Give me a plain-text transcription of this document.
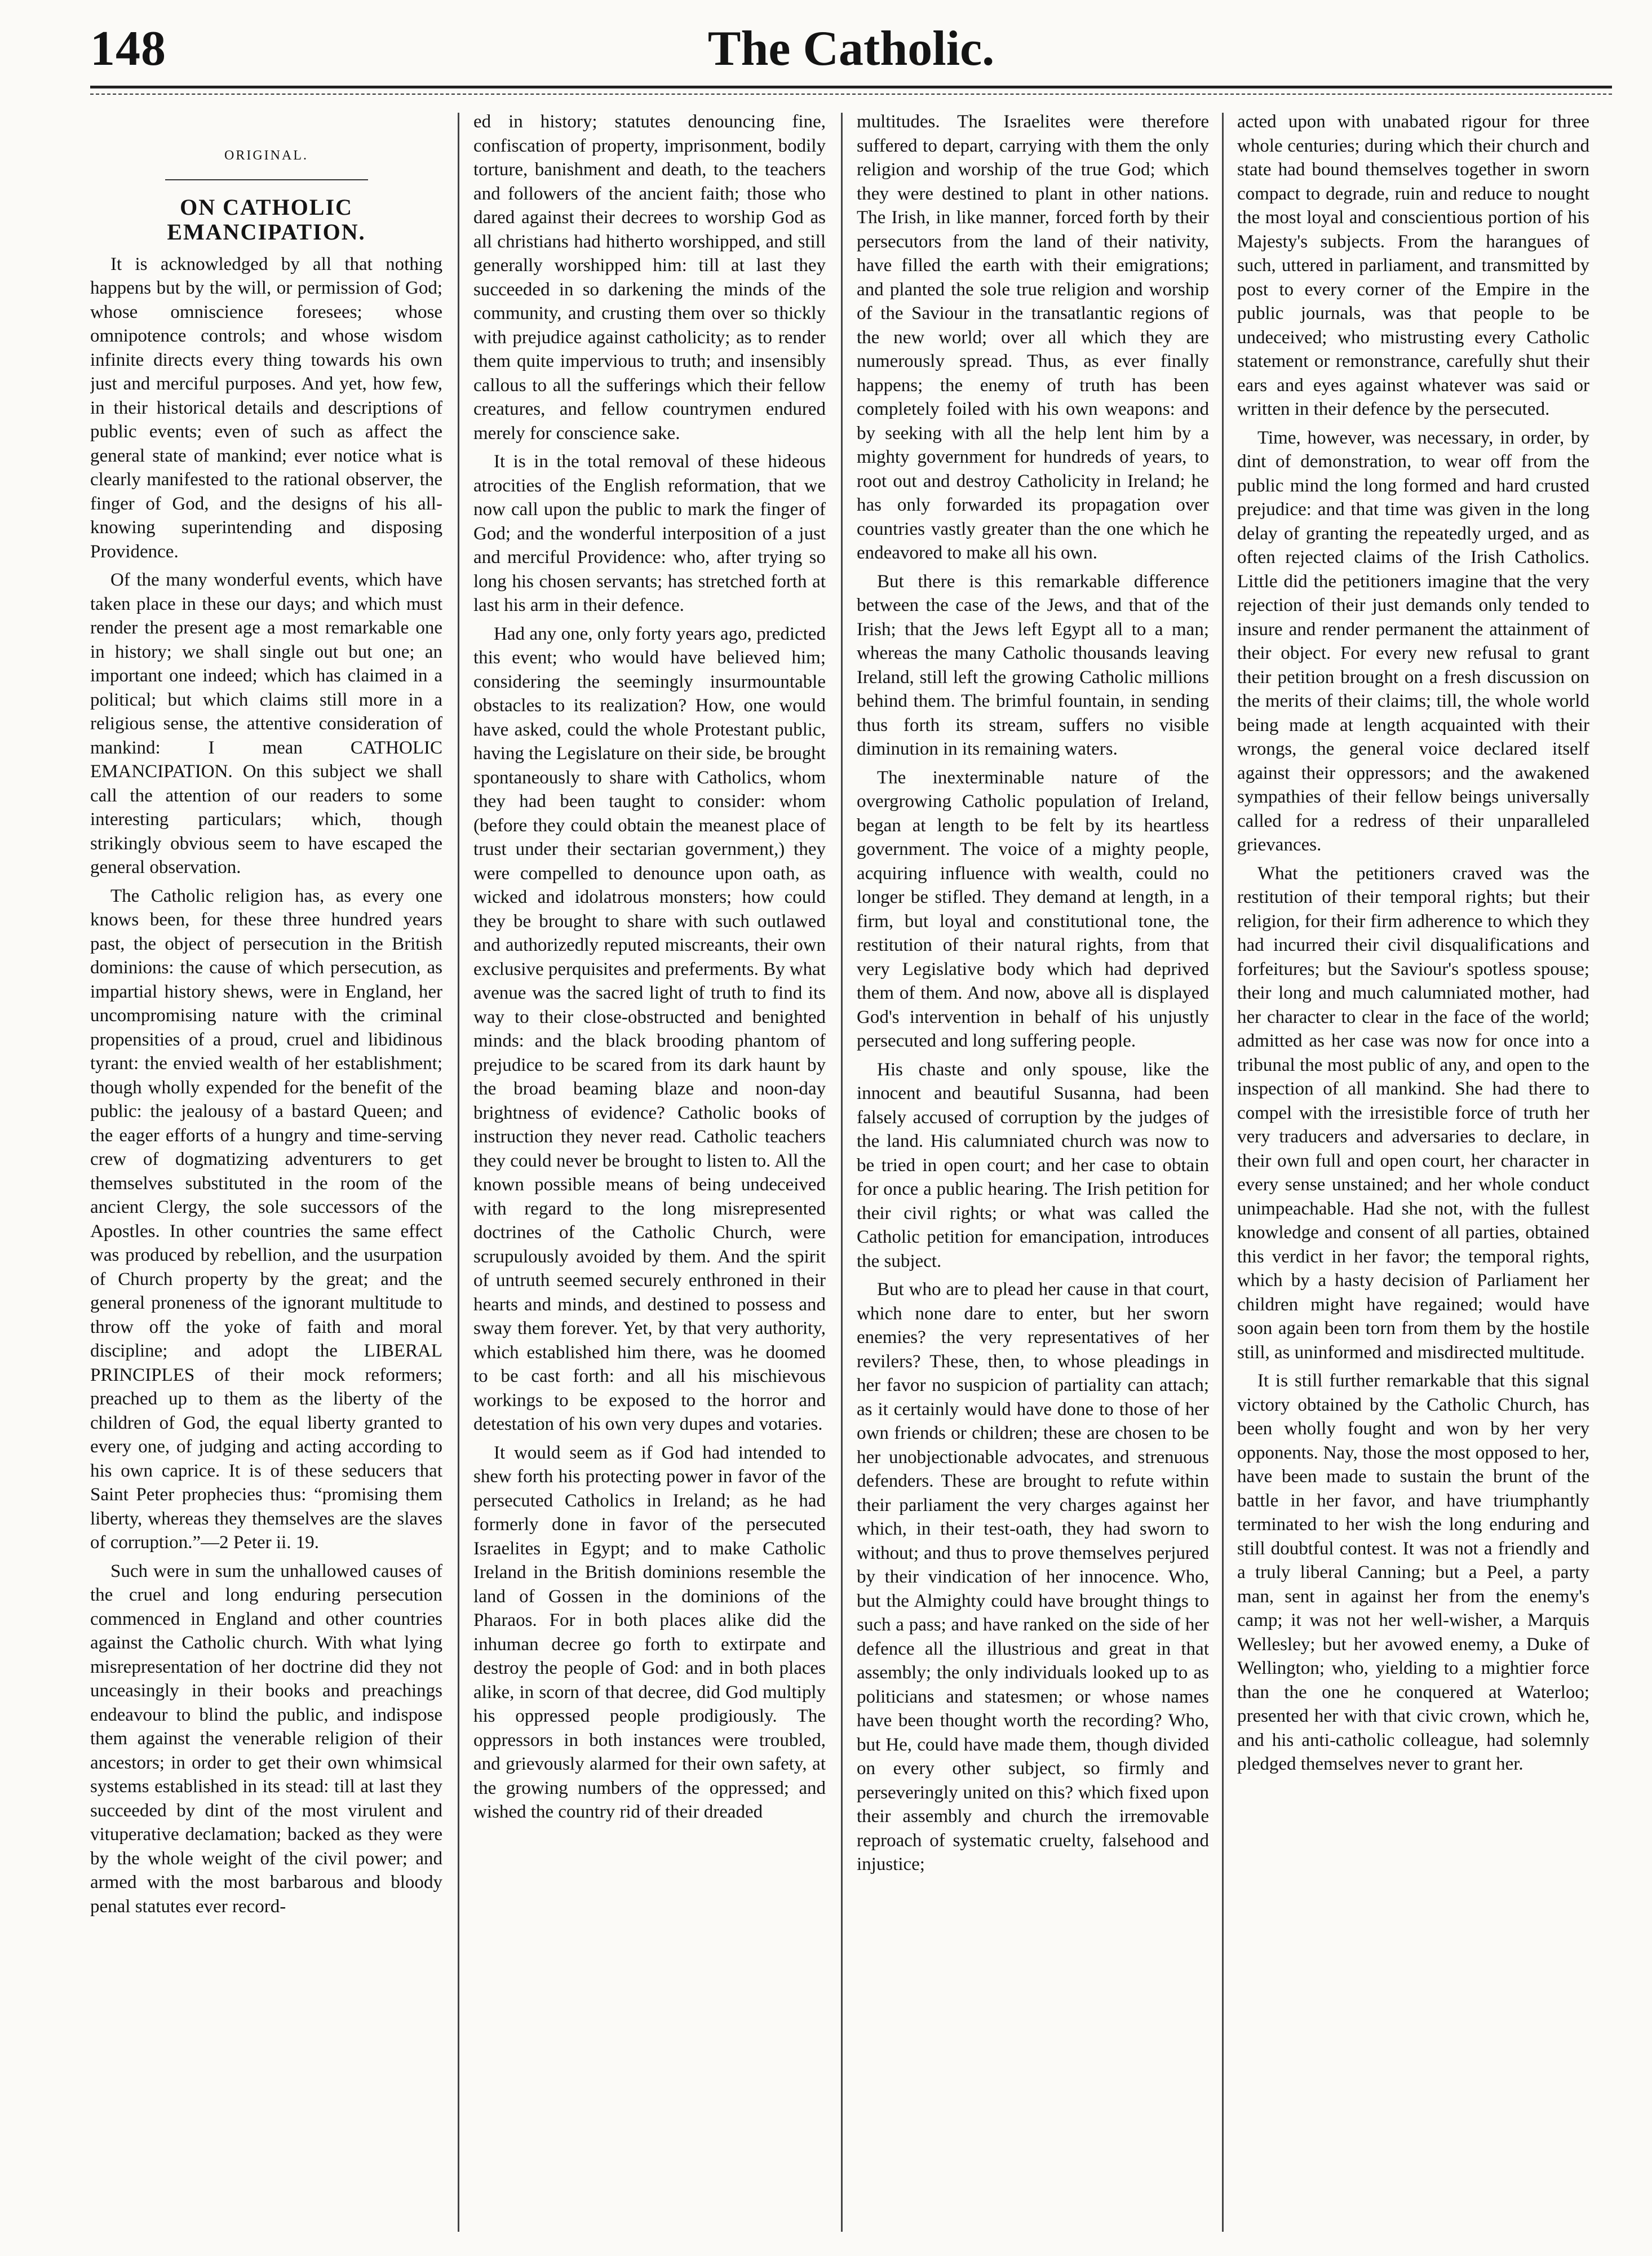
148	The Catholic.
ORIGINAL.
ON CATHOLIC EMANCIPATION.

It is acknowledged by all that nothing happens but by the will, or permission of God; whose omniscience foresees; whose omnipotence controls; and whose wisdom infinite directs every thing towards his own just and merciful purposes. And yet, how few, in their historical details and descriptions of public events; even of such as affect the general state of mankind; ever notice what is clearly manifested to the rational observer, the finger of God, and the designs of his all-knowing superintending and disposing Providence.

Of the many wonderful events, which have taken place in these our days; and which must render the present age a most remarkable one in history; we shall single out but one; an important one indeed; which has claimed in a political; but which claims still more in a religious sense, the attentive consideration of mankind: I mean CATHOLIC EMANCIPATION. On this subject we shall call the attention of our readers to some interesting particulars; which, though strikingly obvious seem to have escaped the general observation.

The Catholic religion has, as every one knows been, for these three hundred years past, the object of persecution in the British dominions: the cause of which persecution, as impartial history shews, were in England, her uncompromising nature with the criminal propensities of a proud, cruel and libidinous tyrant: the envied wealth of her establishment; though wholly expended for the benefit of the public: the jealousy of a bastard Queen; and the eager efforts of a hungry and time-serving crew of dogmatizing adventurers to get themselves substituted in the room of the ancient Clergy, the sole successors of the Apostles. In other countries the same effect was produced by rebellion, and the usurpation of Church property by the great; and the general proneness of the ignorant multitude to throw off the yoke of faith and moral discipline; and adopt the LIBERAL PRINCIPLES of their mock reformers; preached up to them as the liberty of the children of God, the equal liberty granted to every one, of judging and acting according to his own caprice. It is of these seducers that Saint Peter prophecies thus: “promising them liberty, whereas they themselves are the slaves of corruption.”—2 Peter ii. 19.

Such were in sum the unhallowed causes of the cruel and long enduring persecution commenced in England and other countries against the Catholic church. With what lying misrepresentation of her doctrine did they not unceasingly in their books and preachings endeavour to blind the public, and indispose them against the venerable religion of their ancestors; in order to get their own whimsical systems established in its stead: till at last they succeeded by dint of the most virulent and vituperative declamation; backed as they were by the whole weight of the civil power; and armed with the most barbarous and bloody penal statutes ever record-

ed in history; statutes denouncing fine, confiscation of property, imprisonment, bodily torture, banishment and death, to the teachers and followers of the ancient faith; those who dared against their decrees to worship God as all christians had hitherto worshipped, and still generally worshipped him: till at last they succeeded in so darkening the minds of the community, and crusting them over so thickly with prejudice against catholicity; as to render them quite impervious to truth; and insensibly callous to all the sufferings which their fellow creatures, and fellow countrymen endured merely for conscience sake.

It is in the total removal of these hideous atrocities of the English reformation, that we now call upon the public to mark the finger of God; and the wonderful interposition of a just and merciful Providence: who, after trying so long his chosen servants; has stretched forth at last his arm in their defence.

Had any one, only forty years ago, predicted this event; who would have believed him; considering the seemingly insurmountable obstacles to its realization? How, one would have asked, could the whole Protestant public, having the Legislature on their side, be brought spontaneously to share with Catholics, whom they had been taught to consider: whom (before they could obtain the meanest place of trust under their sectarian government,) they were compelled to denounce upon oath, as wicked and idolatrous monsters; how could they be brought to share with such outlawed and authorizedly reputed miscreants, their own exclusive perquisites and preferments. By what avenue was the sacred light of truth to find its way to their close-obstructed and benighted minds: and the black brooding phantom of prejudice to be scared from its dark haunt by the broad beaming blaze and noon-day brightness of evidence? Catholic books of instruction they never read. Catholic teachers they could never be brought to listen to. All the known possible means of being undeceived with regard to the long misrepresented doctrines of the Catholic Church, were scrupulously avoided by them. And the spirit of untruth seemed securely enthroned in their hearts and minds, and destined to possess and sway them forever. Yet, by that very authority, which established him there, was he doomed to be cast forth: and all his mischievous workings to be exposed to the horror and detestation of his own very dupes and votaries.

It would seem as if God had intended to shew forth his protecting power in favor of the persecuted Catholics in Ireland; as he had formerly done in favor of the persecuted Israelites in Egypt; and to make Catholic Ireland in the British dominions resemble the land of Gossen in the dominions of the Pharaos. For in both places alike did the inhuman decree go forth to extirpate and destroy the people of God: and in both places alike, in scorn of that decree, did God multiply his oppressed people prodigiously. The oppressors in both instances were troubled, and grievously alarmed for their own safety, at the growing numbers of the oppressed; and wished the country rid of their dreaded

multitudes. The Israelites were therefore suffered to depart, carrying with them the only religion and worship of the true God; which they were destined to plant in other nations. The Irish, in like manner, forced forth by their persecutors from the land of their nativity, have filled the earth with their emigrations; and planted the sole true religion and worship of the Saviour in the transatlantic regions of the new world; over all which they are numerously spread. Thus, as ever finally happens; the enemy of truth has been completely foiled with his own weapons: and by seeking with all the help lent him by a mighty government for hundreds of years, to root out and destroy Catholicity in Ireland; he has only forwarded its propagation over countries vastly greater than the one which he endeavored to make all his own.

But there is this remarkable difference between the case of the Jews, and that of the Irish; that the Jews left Egypt all to a man; whereas the many Catholic thousands leaving Ireland, still left the growing Catholic millions behind them. The brimful fountain, in sending thus forth its stream, suffers no visible diminution in its remaining waters.

The inexterminable nature of the overgrowing Catholic population of Ireland, began at length to be felt by its heartless government. The voice of a mighty people, acquiring influence with wealth, could no longer be stifled. They demand at length, in a firm, but loyal and constitutional tone, the restitution of their natural rights, from that very Legislative body which had deprived them of them. And now, above all is displayed God's intervention in behalf of his unjustly persecuted and long suffering people.

His chaste and only spouse, like the innocent and beautiful Susanna, had been falsely accused of corruption by the judges of the land. His calumniated church was now to be tried in open court; and her case to obtain for once a public hearing. The Irish petition for their civil rights; or what was called the Catholic petition for emancipation, introduces the subject.

But who are to plead her cause in that court, which none dare to enter, but her sworn enemies? the very representatives of her revilers? These, then, to whose pleadings in her favor no suspicion of partiality can attach; as it certainly would have done to those of her own friends or children; these are chosen to be her unobjectionable advocates, and strenuous defenders. These are brought to refute within their parliament the very charges against her which, in their test-oath, they had sworn to without; and thus to prove themselves perjured by their vindication of her innocence. Who, but the Almighty could have brought things to such a pass; and have ranked on the side of her defence all the illustrious and great in that assembly; the only individuals looked up to as politicians and statesmen; or whose names have been thought worth the recording? Who, but He, could have made them, though divided on every other subject, so firmly and perseveringly united on this? which fixed upon their assembly and church the irremovable reproach of systematic cruelty, falsehood and injustice;

acted upon with unabated rigour for three whole centuries; during which their church and state had bound themselves together in sworn compact to degrade, ruin and reduce to nought the most loyal and conscientious portion of his Majesty's subjects. From the harangues of such, uttered in parliament, and transmitted by post to every corner of the Empire in the public journals, was that people to be undeceived; who mistrusting every Catholic statement or remonstrance, carefully shut their ears and eyes against whatever was said or written in their defence by the persecuted.

Time, however, was necessary, in order, by dint of demonstration, to wear off from the public mind the long formed and hard crusted prejudice: and that time was given in the long delay of granting the repeatedly urged, and as often rejected claims of the Irish Catholics. Little did the petitioners imagine that the very rejection of their just demands only tended to insure and render permanent the attainment of their object. For every new refusal to grant their petition brought on a fresh discussion on the merits of their claims; till, the whole world being made at length acquainted with their wrongs, the general voice declared itself against their oppressors; and the awakened sympathies of their fellow beings universally called for a redress of their unparalleled grievances.

What the petitioners craved was the restitution of their temporal rights; but their religion, for their firm adherence to which they had incurred their civil disqualifications and forfeitures; but the Saviour's spotless spouse; their long and much calumniated mother, had her character to clear in the face of the world; admitted as her case was now for once into a tribunal the most public of any, and open to the inspection of all mankind. She had there to compel with the irresistible force of truth her very traducers and adversaries to declare, in their own full and open court, her character in every sense unstained; and her whole conduct unimpeachable. Had she not, with the fullest knowledge and consent of all parties, obtained this verdict in her favor; the temporal rights, which by a hasty decision of Parliament her children might have regained; would have soon again been torn from them by the hostile still, as uninformed and misdirected multitude.

It is still further remarkable that this signal victory obtained by the Catholic Church, has been wholly fought and won by her very opponents. Nay, those the most opposed to her, have been made to sustain the brunt of the battle in her favor, and have triumphantly terminated to her wish the long enduring and still doubtful contest. It was not a friendly and a truly liberal Canning; but a Peel, a party man, sent in against her from the enemy's camp; it was not her well-wisher, a Marquis Wellesley; but her avowed enemy, a Duke of Wellington; who, yielding to a mightier force than the one he conquered at Waterloo; presented her with that civic crown, which he, and his anti-catholic colleague, had solemnly pledged themselves never to grant her.
